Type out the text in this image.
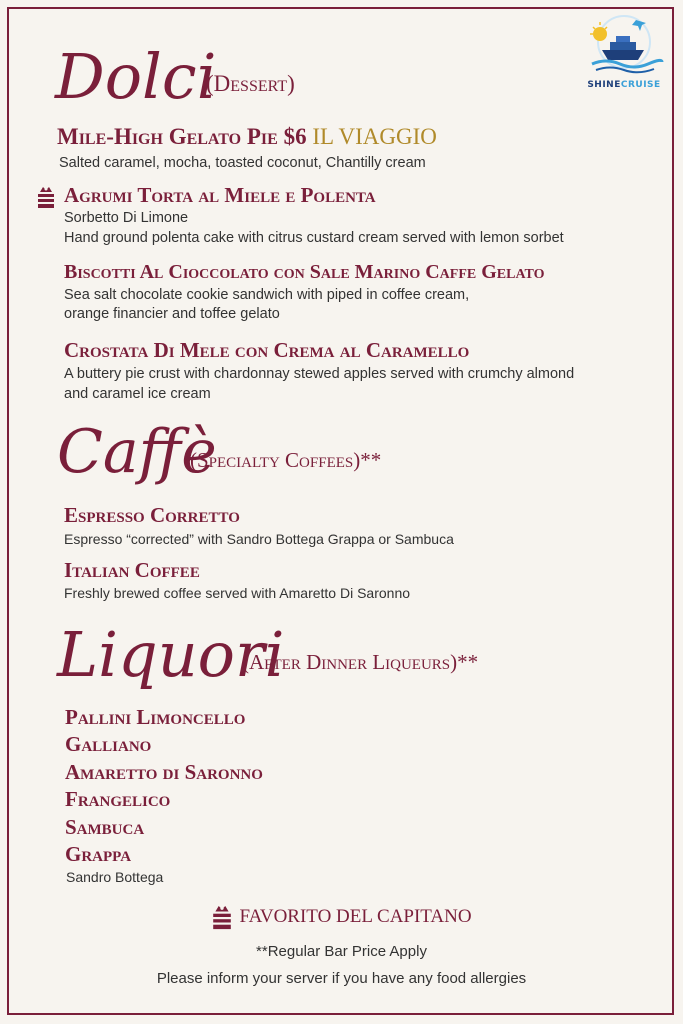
SHINECRUISE
Dolci
(Dessert)
Mile-High Gelato Pie $6 IL VIAGGIO
Salted caramel, mocha, toasted coconut, Chantilly cream
Agrumi Torta al Miele e Polenta
Sorbetto Di Limone
Hand ground polenta cake with citrus custard cream served with lemon sorbet
Biscotti Al Cioccolato con Sale Marino Caffe Gelato
Sea salt chocolate cookie sandwich with piped in coffee cream,
orange financier and toffee gelato
Crostata Di Mele con Crema al Caramello
A buttery pie crust with chardonnay stewed apples served with crumchy almond
and caramel ice cream
Caffè
(Specialty Coffees)**
Espresso Corretto
Espresso “corrected” with Sandro Bottega Grappa or Sambuca
Italian Coffee
Freshly brewed coffee served with Amaretto Di Saronno
Liquori
(After Dinner Liqueurs)**
Pallini Limoncello
Galliano
Amaretto di Saronno
Frangelico
Sambuca
Grappa
Sandro Bottega
FAVORITO DEL CAPITANO
**Regular Bar Price Apply
Please inform your server if you have any food allergies
